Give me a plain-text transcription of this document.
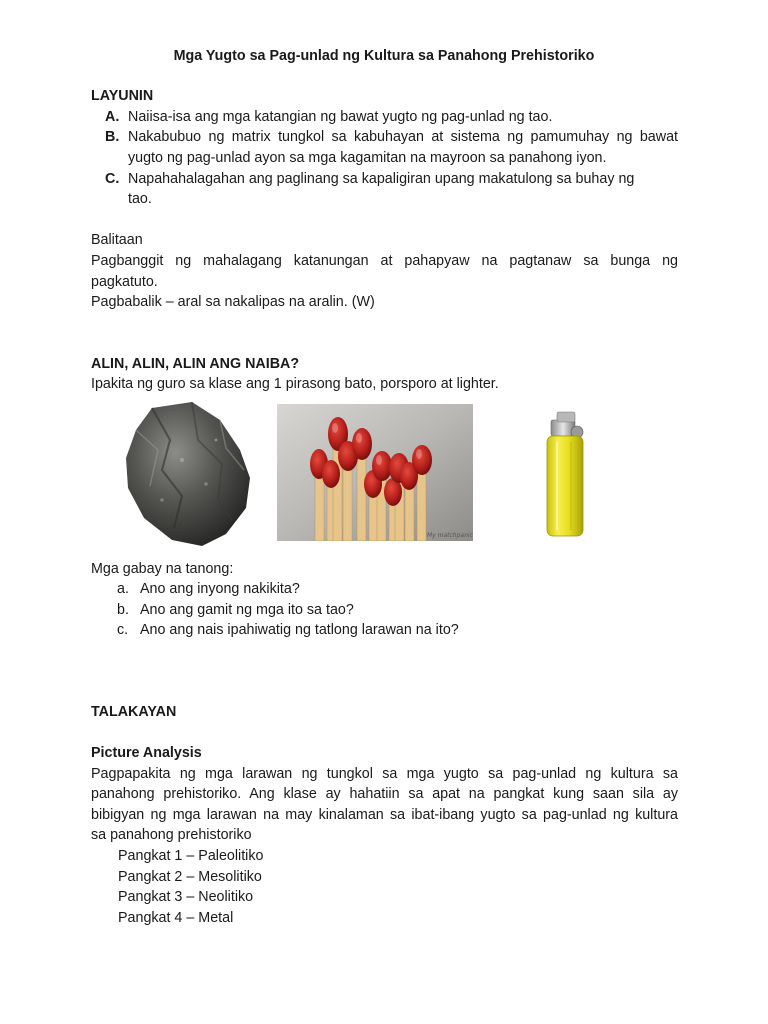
Mga Yugto sa Pag-unlad ng Kultura sa Panahong Prehistoriko
LAYUNIN
A. Naiisa-isa ang mga katangian ng bawat yugto ng pag-unlad ng tao.
B. Nakabubuo ng matrix tungkol sa kabuhayan at sistema ng pamumuhay ng bawat
yugto ng pag-unlad ayon sa mga kagamitan na mayroon sa panahong iyon.
C. Napahahalagahan ang paglinang sa kapaligiran upang makatulong sa buhay ng
tao.
Balitaan
Pagbanggit ng mahalagang katanungan at pahapyaw na pagtanaw sa bunga ng
pagkatuto.
Pagbabalik – aral sa nakalipas na aralin. (W)
ALIN, ALIN, ALIN ANG NAIBA?
Ipakita ng guro sa klase ang 1 pirasong bato, porsporo at lighter.
My matchpanic
Mga gabay na tanong:
a. Ano ang inyong nakikita?
b. Ano ang gamit ng mga ito sa tao?
c. Ano ang nais ipahiwatig ng tatlong larawan na ito?
TALAKAYAN
Picture Analysis
Pagpapakita ng mga larawan ng tungkol sa mga yugto sa pag-unlad ng kultura sa
panahong prehistoriko. Ang klase ay hahatiin sa apat na pangkat kung saan sila ay
bibigyan ng mga larawan na may kinalaman sa ibat-ibang yugto sa pag-unlad ng kultura
sa panahong prehistoriko
Pangkat 1 – Paleolitiko
Pangkat 2 – Mesolitiko
Pangkat 3 – Neolitiko
Pangkat 4 – Metal
